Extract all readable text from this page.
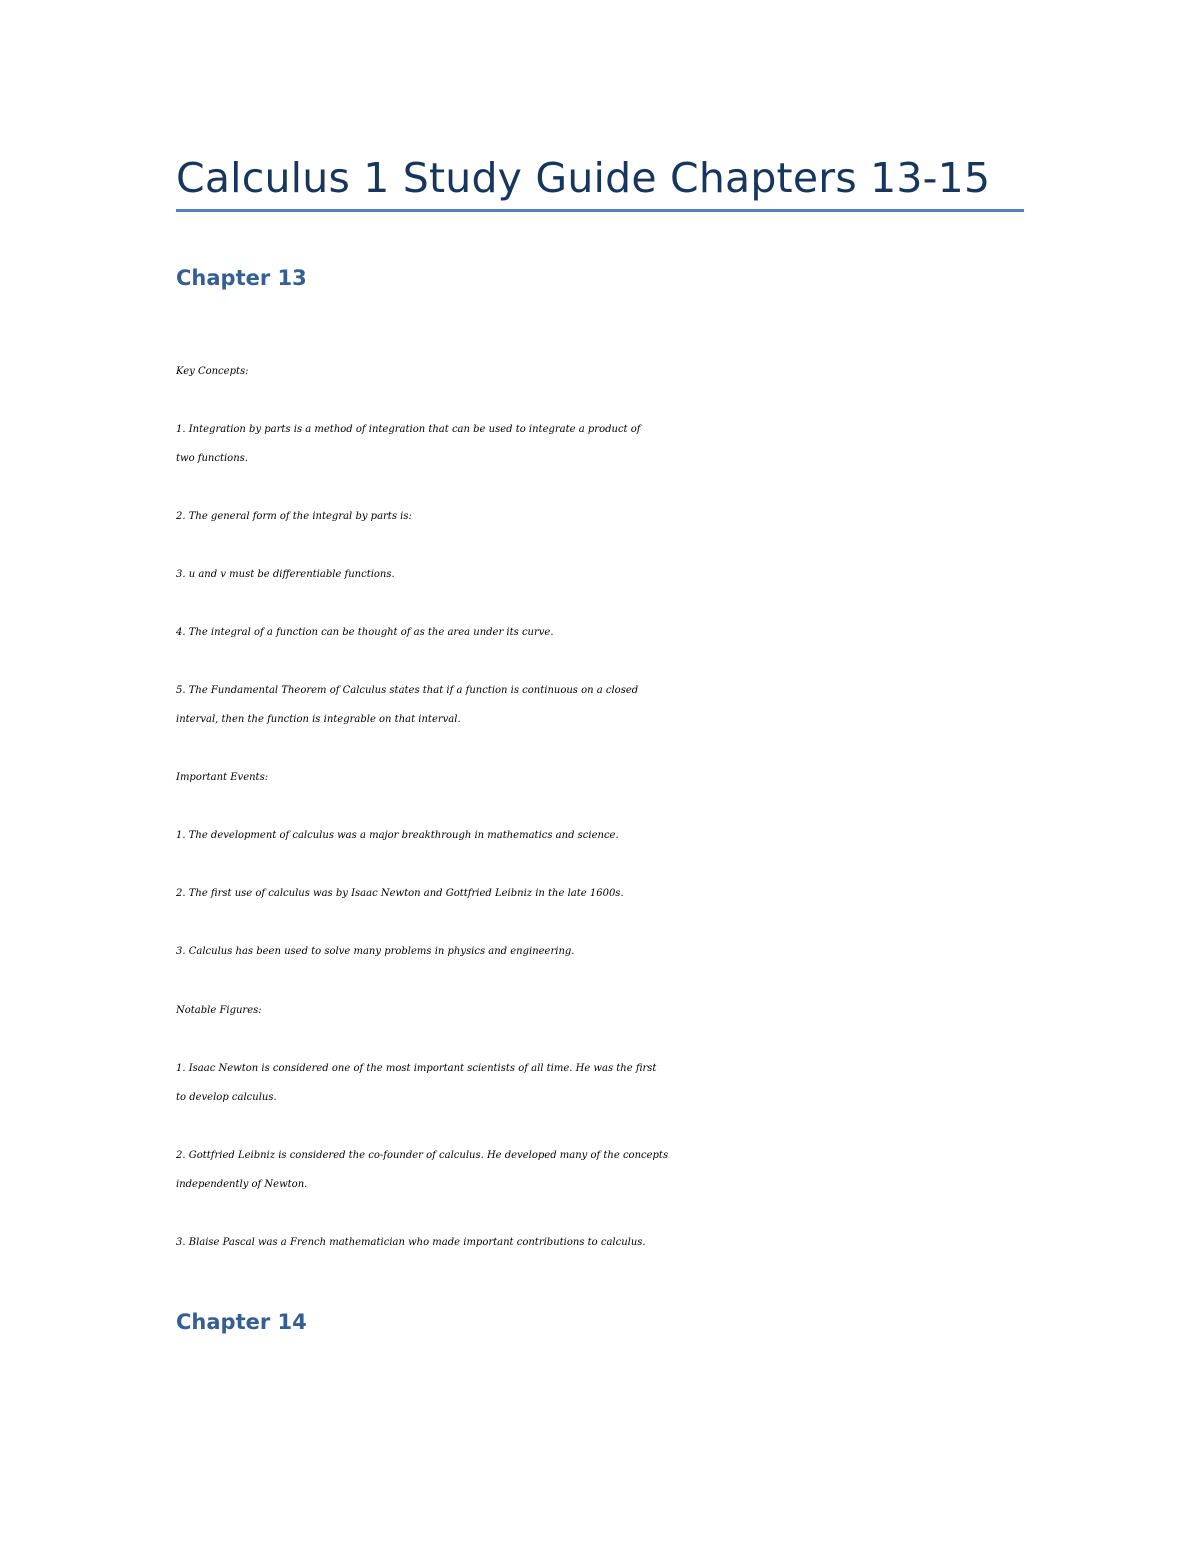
Calculus 1 Study Guide Chapters 13-15
Chapter 13
Key Concepts:
1. Integration by parts is a method of integration that can be used to integrate a product of
two functions.
2. The general form of the integral by parts is:
3. u and v must be differentiable functions.
4. The integral of a function can be thought of as the area under its curve.
5. The Fundamental Theorem of Calculus states that if a function is continuous on a closed
interval, then the function is integrable on that interval.
Important Events:
1. The development of calculus was a major breakthrough in mathematics and science.
2. The first use of calculus was by Isaac Newton and Gottfried Leibniz in the late 1600s.
3. Calculus has been used to solve many problems in physics and engineering.
Notable Figures:
1. Isaac Newton is considered one of the most important scientists of all time. He was the first
to develop calculus.
2. Gottfried Leibniz is considered the co-founder of calculus. He developed many of the concepts
independently of Newton.
3. Blaise Pascal was a French mathematician who made important contributions to calculus.
Chapter 14
